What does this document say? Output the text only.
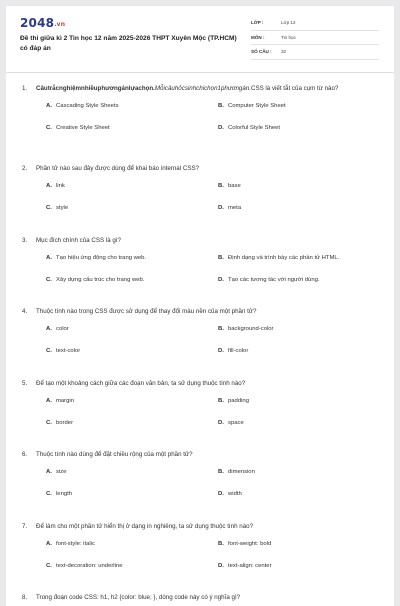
2048.vn
Đề thi giữa kì 2 Tin học 12 năm 2025-2026 THPT Xuyên Mộc (TP.HCM) có đáp án
LỚP :	Lớp 12
MÔN :	Tin học
SỐ CÂU :	32
1.	Câutrắcnghiệmnhiềuphươngánlựachọn.Mỗicâuhỏcsinhchichọn1phươngán.CSS là viết tắt của cụm từ nào?
A. Cascading Style Sheets	B. Computer Style Sheet
C. Creative Style Sheet	D. Colorful Style Sheet
2.	Phần tử nào sau đây được dùng để khai báo internal CSS?
A. link	B. base
C. style	D. meta
3.	Mục đích chính của CSS là gì?
A. Tạo hiệu ứng động cho trang web.	B. Định dạng và trình bày các phần tử HTML.
C. Xây dựng cấu trúc cho trang web.	D. Tạo các tương tác với người dùng.
4.	Thuộc tính nào trong CSS được sử dụng để thay đổi màu nền của một phần tử?
A. color	B. background-color
C. text-color	D. fill-color
5.	Để tạo một khoảng cách giữa các đoạn văn bản, ta sử dụng thuộc tính nào?
A. margin	B. padding
C. border	D. space
6.	Thuộc tính nào dùng để đặt chiều rộng của một phần tử?
A. size	B. dimension
C. length	D. width
7.	Để làm cho một phần tử hiển thị ở dạng in nghiêng, ta sử dụng thuộc tính nào?
A. font-style: italic	B. font-weight: bold
C. text-decoration: underline	D. text-align: center
8.	Trong đoạn code CSS: h1, h2 {color: blue; }, dòng code này có ý nghĩa gì?
